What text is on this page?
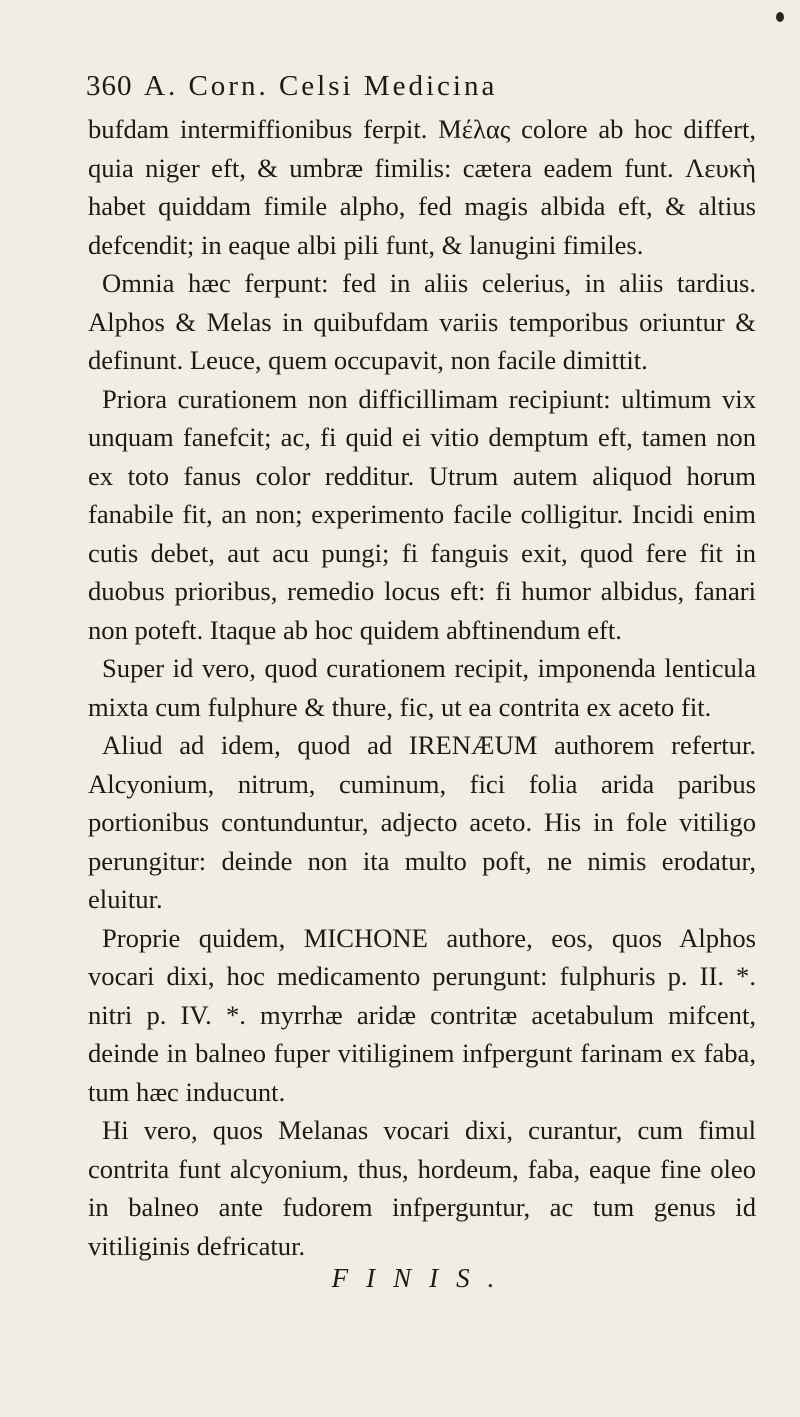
360 A. Corn. Celsi Medicina

bufdam intermiffionibus ferpit. Μέλας colore ab hoc differt, quia niger eft, & umbræ fimilis: cætera eadem funt. Λευκὴ habet quiddam fimile alpho, fed magis albida eft, & altius defcendit; in eaque albi pili funt, & lanugini fimiles.

Omnia hæc ferpunt: fed in aliis celerius, in aliis tardius. Alphos & Melas in quibufdam variis temporibus oriuntur & definunt. Leuce, quem occupavit, non facile dimittit.

Priora curationem non difficillimam recipiunt: ultimum vix unquam fanefcit; ac, fi quid ei vitio demptum eft, tamen non ex toto fanus color redditur. Utrum autem aliquod horum fanabile fit, an non; experimento facile colligitur. Incidi enim cutis debet, aut acu pungi; fi fanguis exit, quod fere fit in duobus prioribus, remedio locus eft: fi humor albidus, fanari non poteft. Itaque ab hoc quidem abftinendum eft.

Super id vero, quod curationem recipit, imponenda lenticula mixta cum fulphure & thure, fic, ut ea contrita ex aceto fit.

Aliud ad idem, quod ad IRENÆUM authorem refertur. Alcyonium, nitrum, cuminum, fici folia arida paribus portionibus contunduntur, adjecto aceto. His in fole vitiligo perungitur: deinde non ita multo poft, ne nimis erodatur, eluitur.

Proprie quidem, MICHONE authore, eos, quos Alphos vocari dixi, hoc medicamento perungunt: fulphuris p. II. *. nitri p. IV. *. myrrhæ aridæ contritæ acetabulum mifcent, deinde in balneo fuper vitiliginem infpergunt farinam ex faba, tum hæc inducunt.

Hi vero, quos Melanas vocari dixi, curantur, cum fimul contrita funt alcyonium, thus, hordeum, faba, eaque fine oleo in balneo ante fudorem infperguntur, ac tum genus id vitiliginis defricatur.

FINIS.
